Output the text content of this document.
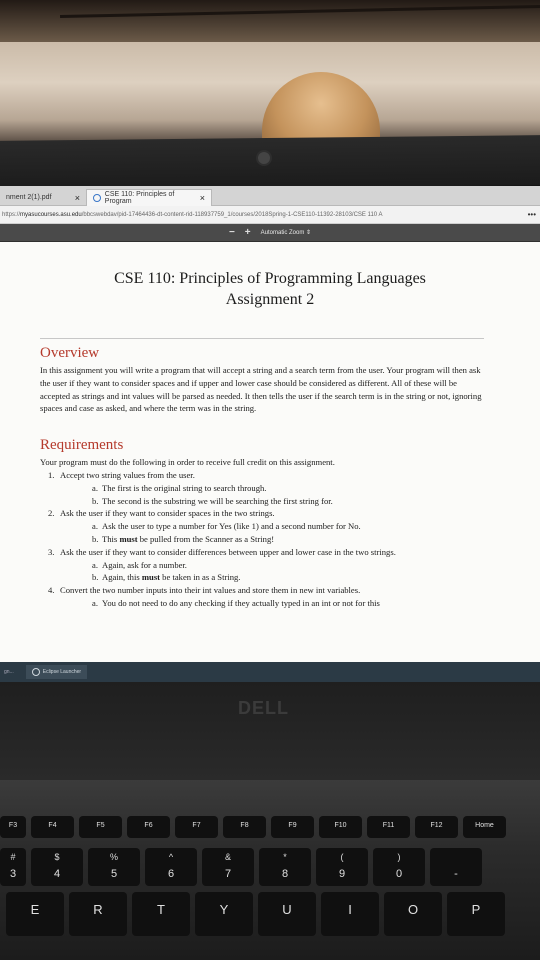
nment 2(1).pdf	×	CSE 110: Principles of Program	×
https://myasucourses.asu.edu/bbcswebdav/pid-17464436-dt-content-rid-118937759_1/courses/2018Spring-1-CSE110-11392-28103/CSE 110 A	•••
− + Automatic Zoom ⇕
CSE 110: Principles of Programming Languages
Assignment 2
Overview
In this assignment you will write a program that will accept a string and a search term from the user. Your program will then ask the user if they want to consider spaces and if upper and lower case should be considered as different. All of these will be accepted as strings and int values will be parsed as needed. It then tells the user if the search term is in the string or not, ignoring spaces and case as asked, and where the term was in the string.
Requirements
Your program must do the following in order to receive full credit on this assignment.
1. Accept two string values from the user.
a. The first is the original string to search through.
b. The second is the substring we will be searching the first string for.
2. Ask the user if they want to consider spaces in the two strings.
a. Ask the user to type a number for Yes (like 1) and a second number for No.
b. This must be pulled from the Scanner as a String!
3. Ask the user if they want to consider differences between upper and lower case in the two strings.
a. Again, ask for a number.
b. Again, this must be taken in as a String.
4. Convert the two number inputs into their int values and store them in new int variables.
a. You do not need to do any checking if they actually typed in an int or not for this
gn...	Eclipse Launcher
DELL
F3	F4	F5	F6	F7	F8	F9	F10	F11	F12	Home
#
3
$
4
%
5
^
6
&
7
*
8
(
9
)
0	-
E	R	T	Y	U	I	O	P
